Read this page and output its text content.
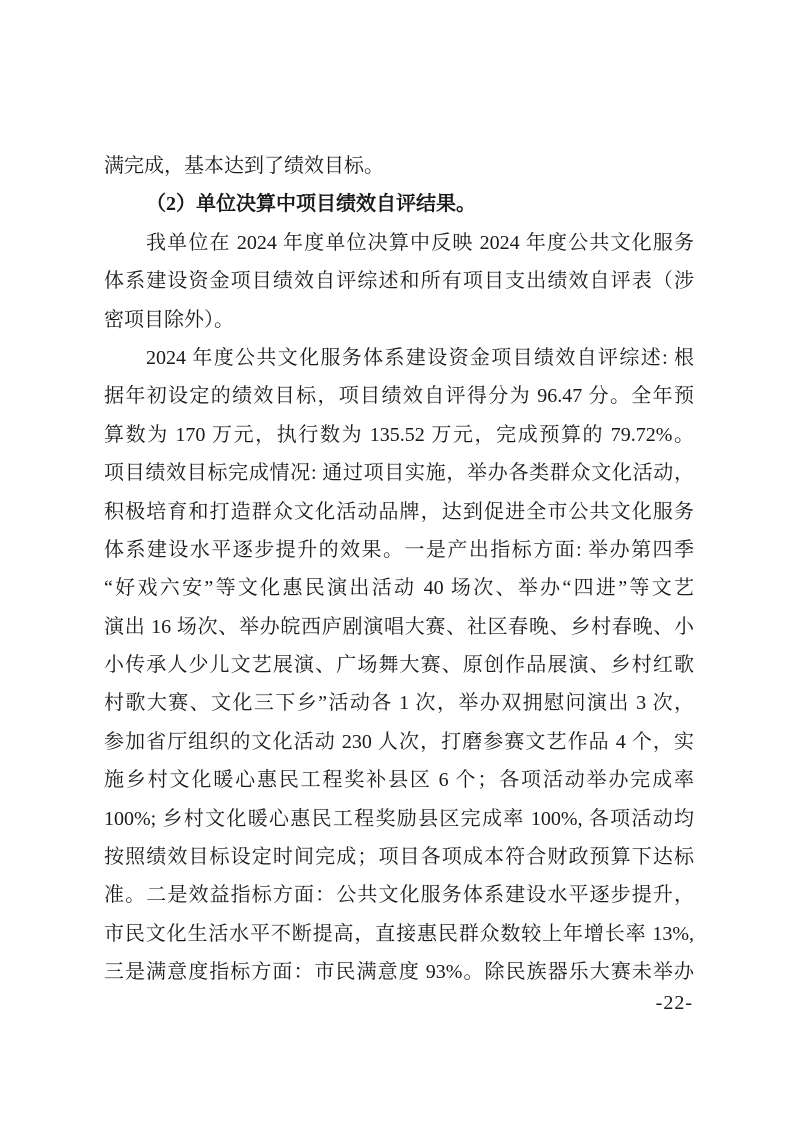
满完成，基本达到了绩效目标。
（2）单位决算中项目绩效自评结果。
我单位在 2024 年度单位决算中反映 2024 年度公共文化服务
体系建设资金项目绩效自评综述和所有项目支出绩效自评表（涉
密项目除外）。
2024 年度公共文化服务体系建设资金项目绩效自评综述: 根
据年初设定的绩效目标，项目绩效自评得分为 96.47 分。全年预
算数为 170 万元，执行数为 135.52 万元，完成预算的 79.72%。
项目绩效目标完成情况: 通过项目实施，举办各类群众文化活动，
积极培育和打造群众文化活动品牌，达到促进全市公共文化服务
体系建设水平逐步提升的效果。一是产出指标方面: 举办第四季
“好戏六安”等文化惠民演出活动 40 场次、举办“四进”等文艺
演出 16 场次、举办皖西庐剧演唱大赛、社区春晚、乡村春晚、小
小传承人少儿文艺展演、广场舞大赛、原创作品展演、乡村红歌
村歌大赛、文化三下乡”活动各 1 次，举办双拥慰问演出 3 次，
参加省厅组织的文化活动 230 人次，打磨参赛文艺作品 4 个，实
施乡村文化暖心惠民工程奖补县区 6 个；各项活动举办完成率
100%; 乡村文化暖心惠民工程奖励县区完成率 100%, 各项活动均
按照绩效目标设定时间完成；项目各项成本符合财政预算下达标
准。二是效益指标方面：公共文化服务体系建设水平逐步提升，
市民文化生活水平不断提高，直接惠民群众数较上年增长率 13%,
三是满意度指标方面：市民满意度 93%。除民族器乐大赛未举办
-22-
